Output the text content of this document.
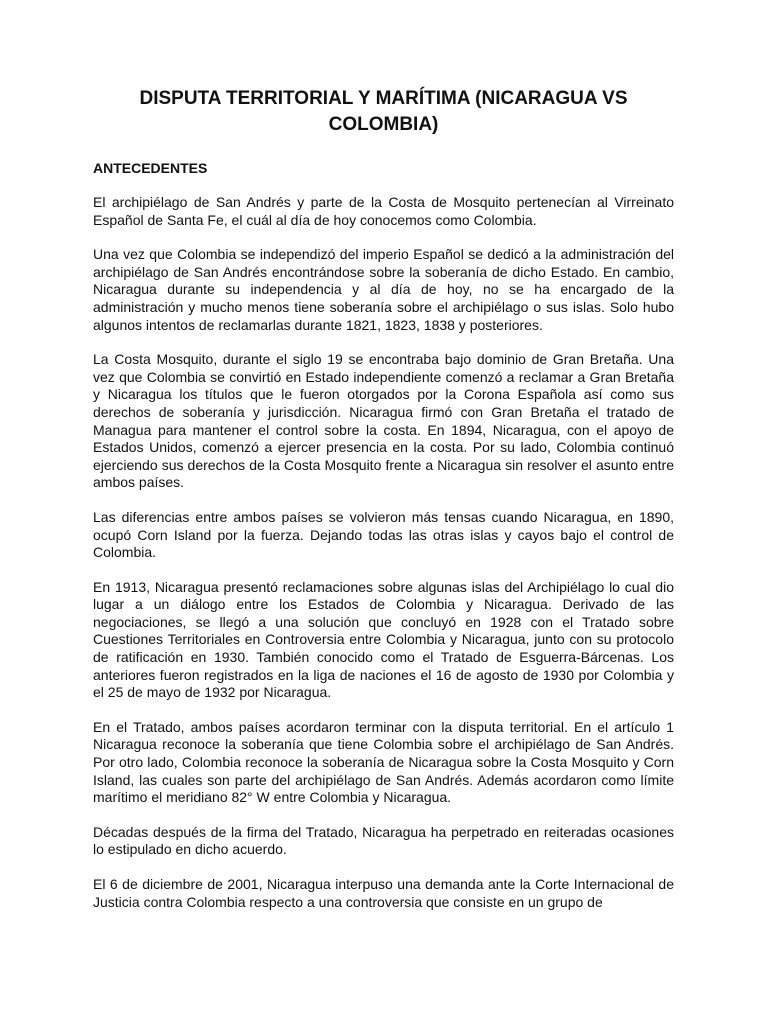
DISPUTA TERRITORIAL Y MARÍTIMA (NICARAGUA VS COLOMBIA)
ANTECEDENTES

El archipiélago de San Andrés y parte de la Costa de Mosquito pertenecían al Virreinato Español de Santa Fe, el cuál al día de hoy conocemos como Colombia.

Una vez que Colombia se independizó del imperio Español se dedicó a la administración del archipiélago de San Andrés encontrándose sobre la soberanía de dicho Estado. En cambio, Nicaragua durante su independencia y al día de hoy, no se ha encargado de la administración y mucho menos tiene soberanía sobre el archipiélago o sus islas. Solo hubo algunos intentos de reclamarlas durante 1821, 1823, 1838 y posteriores.

La Costa Mosquito, durante el siglo 19 se encontraba bajo dominio de Gran Bretaña. Una vez que Colombia se convirtió en Estado independiente comenzó a reclamar a Gran Bretaña y Nicaragua los títulos que le fueron otorgados por la Corona Española así como sus derechos de soberanía y jurisdicción. Nicaragua firmó con Gran Bretaña el tratado de Managua para mantener el control sobre la costa. En 1894, Nicaragua, con el apoyo de Estados Unidos, comenzó a ejercer presencia en la costa. Por su lado, Colombia continuó ejerciendo sus derechos de la Costa Mosquito frente a Nicaragua sin resolver el asunto entre ambos países.

Las diferencias entre ambos países se volvieron más tensas cuando Nicaragua, en 1890, ocupó Corn Island por la fuerza. Dejando todas las otras islas y cayos bajo el control de Colombia.

En 1913, Nicaragua presentó reclamaciones sobre algunas islas del Archipiélago lo cual dio lugar a un diálogo entre los Estados de Colombia y Nicaragua. Derivado de las negociaciones, se llegó a una solución que concluyó en 1928 con el Tratado sobre Cuestiones Territoriales en Controversia entre Colombia y Nicaragua, junto con su protocolo de ratificación en 1930. También conocido como el Tratado de Esguerra-Bárcenas. Los anteriores fueron registrados en la liga de naciones el 16 de agosto de 1930 por Colombia y el 25 de mayo de 1932 por Nicaragua.

En el Tratado, ambos países acordaron terminar con la disputa territorial. En el artículo 1 Nicaragua reconoce la soberanía que tiene Colombia sobre el archipiélago de San Andrés. Por otro lado, Colombia reconoce la soberanía de Nicaragua sobre la Costa Mosquito y Corn Island, las cuales son parte del archipiélago de San Andrés. Además acordaron como límite marítimo el meridiano 82° W entre Colombia y Nicaragua.

Décadas después de la firma del Tratado, Nicaragua ha perpetrado en reiteradas ocasiones lo estipulado en dicho acuerdo.

El 6 de diciembre de 2001, Nicaragua interpuso una demanda ante la Corte Internacional de Justicia contra Colombia respecto a una controversia que consiste en un grupo de
